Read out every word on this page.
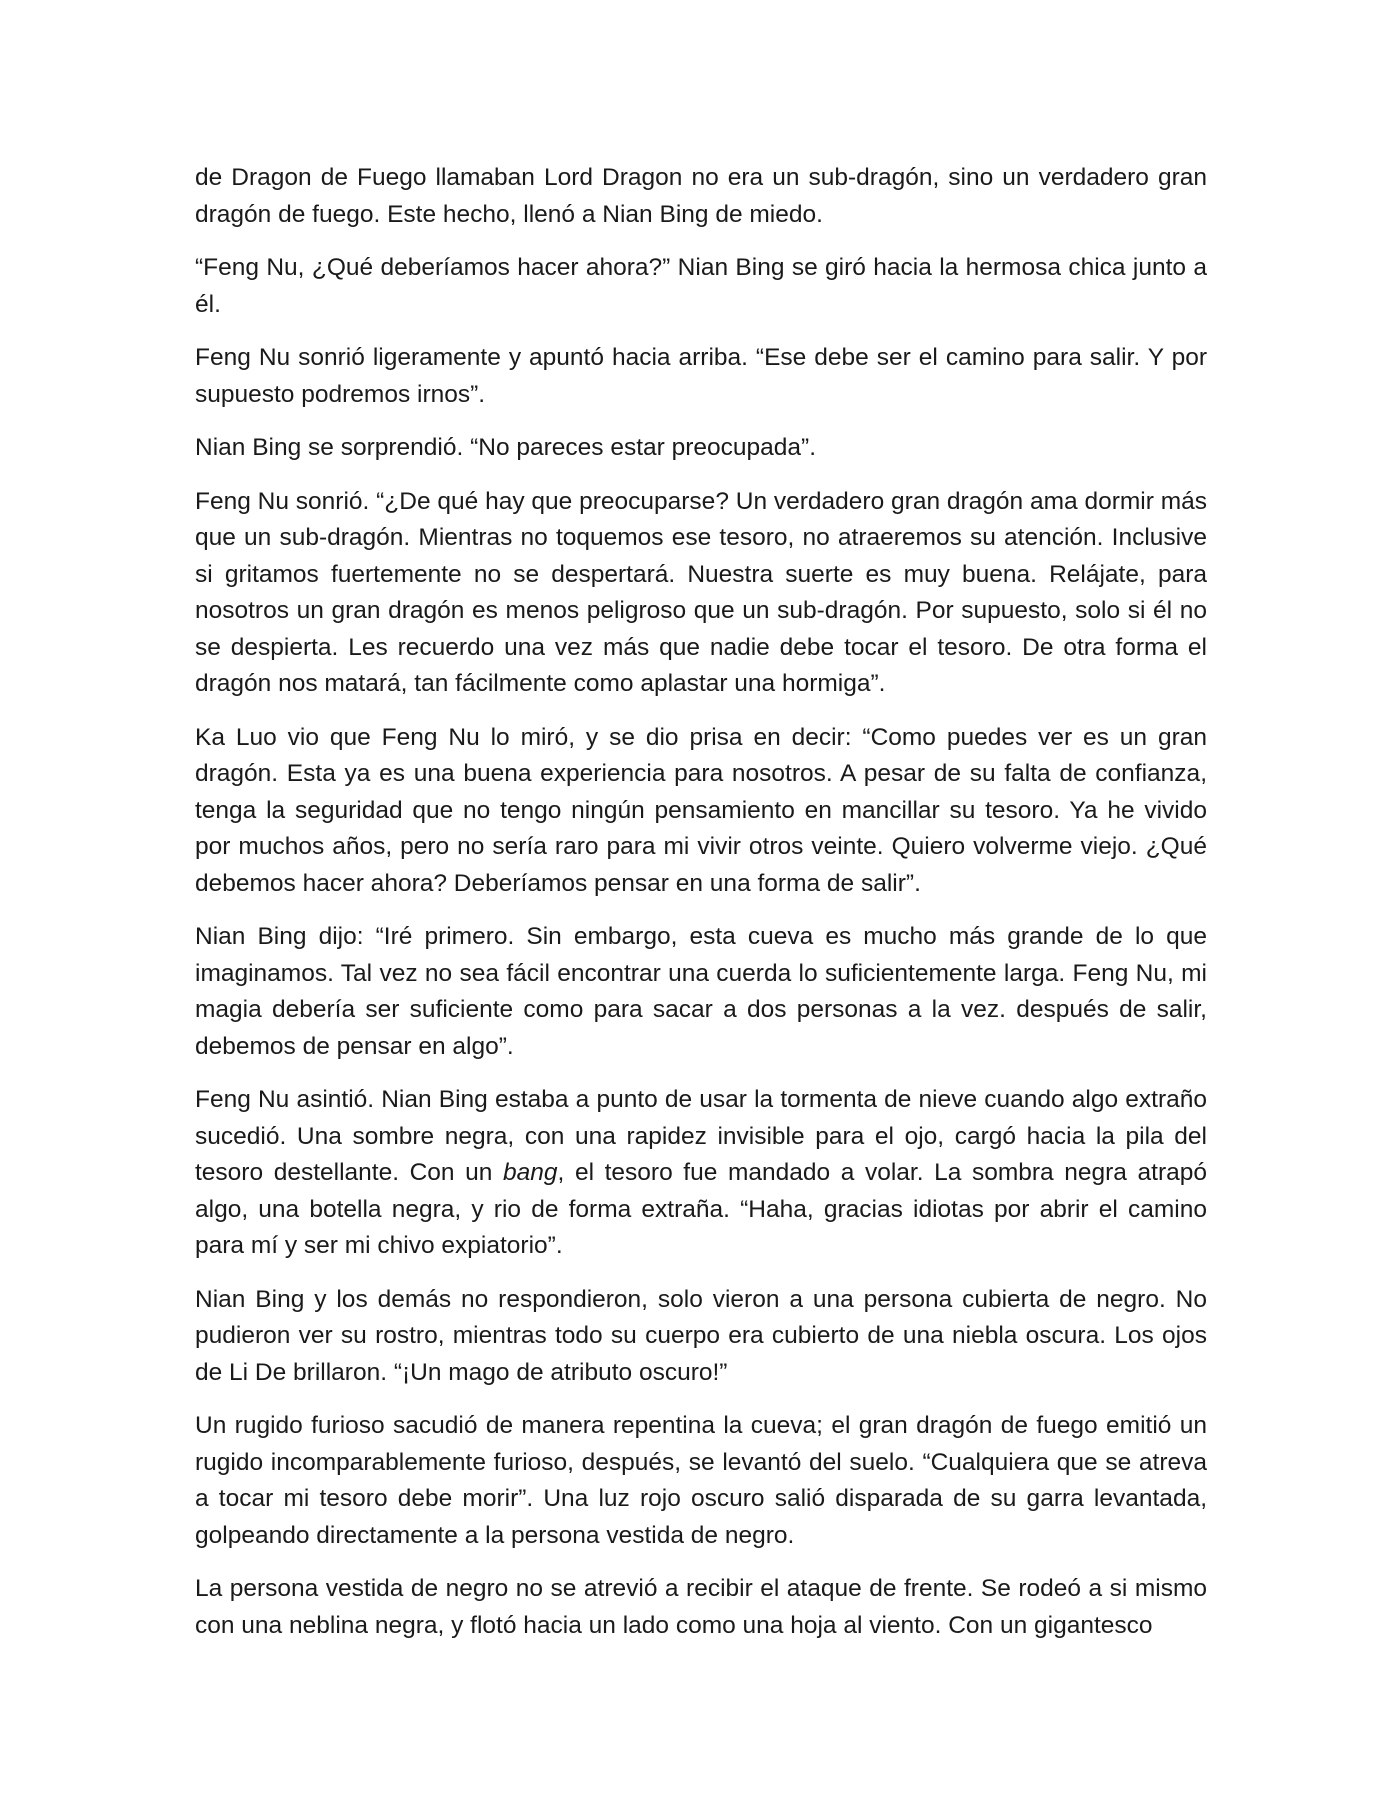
de Dragon de Fuego llamaban Lord Dragon no era un sub-dragón, sino un verdadero gran dragón de fuego. Este hecho, llenó a Nian Bing de miedo.

“Feng Nu, ¿Qué deberíamos hacer ahora?” Nian Bing se giró hacia la hermosa chica junto a él.

Feng Nu sonrió ligeramente y apuntó hacia arriba. “Ese debe ser el camino para salir. Y por supuesto podremos irnos”.

Nian Bing se sorprendió. “No pareces estar preocupada”.

Feng Nu sonrió. “¿De qué hay que preocuparse? Un verdadero gran dragón ama dormir más que un sub-dragón. Mientras no toquemos ese tesoro, no atraeremos su atención. Inclusive si gritamos fuertemente no se despertará. Nuestra suerte es muy buena. Relájate, para nosotros un gran dragón es menos peligroso que un sub-dragón. Por supuesto, solo si él no se despierta. Les recuerdo una vez más que nadie debe tocar el tesoro. De otra forma el dragón nos matará, tan fácilmente como aplastar una hormiga”.

Ka Luo vio que Feng Nu lo miró, y se dio prisa en decir: “Como puedes ver es un gran dragón. Esta ya es una buena experiencia para nosotros. A pesar de su falta de confianza, tenga la seguridad que no tengo ningún pensamiento en mancillar su tesoro. Ya he vivido por muchos años, pero no sería raro para mi vivir otros veinte. Quiero volverme viejo. ¿Qué debemos hacer ahora? Deberíamos pensar en una forma de salir”.

Nian Bing dijo: “Iré primero. Sin embargo, esta cueva es mucho más grande de lo que imaginamos. Tal vez no sea fácil encontrar una cuerda lo suficientemente larga. Feng Nu, mi magia debería ser suficiente como para sacar a dos personas a la vez. después de salir, debemos de pensar en algo”.

Feng Nu asintió. Nian Bing estaba a punto de usar la tormenta de nieve cuando algo extraño sucedió. Una sombre negra, con una rapidez invisible para el ojo, cargó hacia la pila del tesoro destellante. Con un bang, el tesoro fue mandado a volar. La sombra negra atrapó algo, una botella negra, y rio de forma extraña. “Haha, gracias idiotas por abrir el camino para mí y ser mi chivo expiatorio”.

Nian Bing y los demás no respondieron, solo vieron a una persona cubierta de negro. No pudieron ver su rostro, mientras todo su cuerpo era cubierto de una niebla oscura. Los ojos de Li De brillaron. “¡Un mago de atributo oscuro!”

Un rugido furioso sacudió de manera repentina la cueva; el gran dragón de fuego emitió un rugido incomparablemente furioso, después, se levantó del suelo. “Cualquiera que se atreva a tocar mi tesoro debe morir”. Una luz rojo oscuro salió disparada de su garra levantada, golpeando directamente a la persona vestida de negro.

La persona vestida de negro no se atrevió a recibir el ataque de frente. Se rodeó a si mismo con una neblina negra, y flotó hacia un lado como una hoja al viento. Con un gigantesco
